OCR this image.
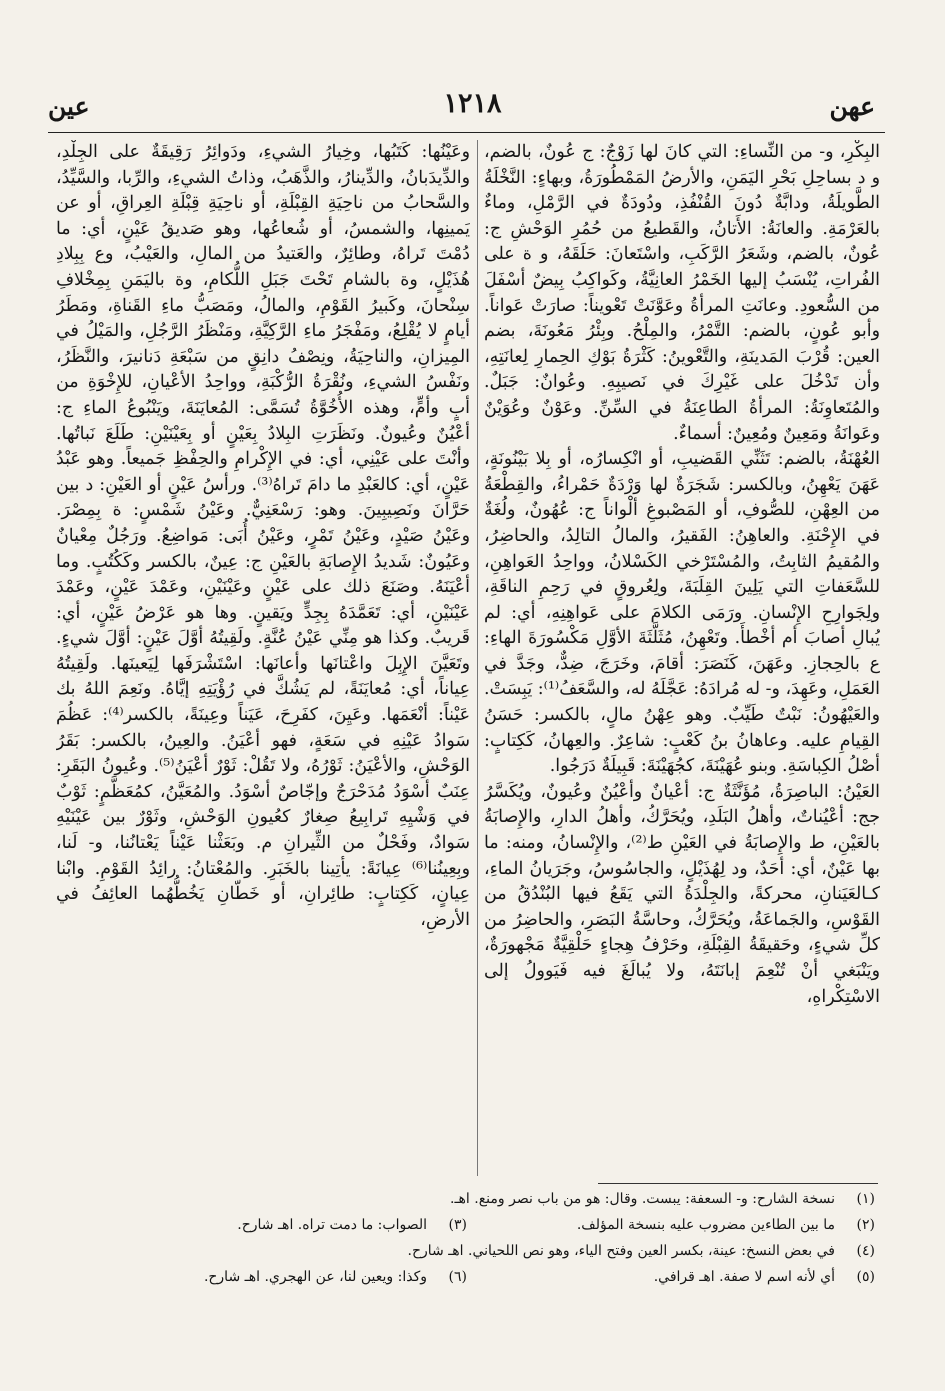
عهن
١٢١٨
عين

البِكْرِ، و- من النِّساءِ: التي كانَ لها زَوْجٌ: ج عُونٌ، بالضم، و د بساحِلِ بَحْرِ اليَمَنِ، والأرضُ المَمْطُورَةُ، وبهاءٍ: النَّخْلَةُ الطَّويلَةُ، ودابَّةٌ دُونَ القُنْفُذِ، ودُودَةٌ في الرَّمْلِ، وماءٌ بالعَرْمَةِ. والعانَةُ: الأَتانُ، والقَطيعُ من حُمُرِ الوَحْشِ ج: عُونٌ، بالضم، وشَعَرُ الرَّكَبِ، واسْتَعانَ: حَلَقَهُ، و ة على الفُراتِ، يُنْسَبُ إليها الخَمْرُ العانِيَّةُ، وكَواكِبُ بِيضٌ أسْفَلَ من السُّعودِ. وعانَتِ المرأةُ وعَوَّنَتْ تَعْويناً: صارَتْ عَواناً. وأبو عُونٍ، بالضم: التَّمْرُ، والمِلْحُ. وبِئْرُ مَعُونَةَ، بضم العين: قُرْبَ المَدينَةِ، والتَّعْوينُ: كَثْرَةُ بَوْكِ الحِمارِ لِعانَتِهِ، وأن تَدْخُلَ على غَيْرِكَ في نَصيبِهِ. وعُوانٌ: جَبَلٌ. والمُتَعاوِنَةُ: المرأةُ الطاعِنَةُ في السِّنِّ. وعَوْنٌ وعُوَيْنٌ وعَوانَةُ ومَعِينٌ ومُعِينٌ: أسماءٌ.

العُهْنَةُ، بالضم: تَثَنِّي القَضيبِ، أو انْكِسارُه، أو بِلا بَيْنُونَةٍ، عَهَنَ يَعْهِنُ، وبالكسر: شَجَرَةٌ لها وَرْدَةٌ حَمْراءُ، والقِطْعَةُ من العِهْنِ، للصُّوفِ، أو المَصْبوغِ ألْواناً ج: عُهُونٌ، ولُغَةٌ في الإِحْنَةِ. والعاهِنُ: الفَقيرُ، والمالُ التالِدُ، والحاضِرُ، والمُقيمُ الثابِتُ، والمُسْتَرْخي الكَسْلانُ، وواحِدُ العَواهِنِ، للسَّعَفاتِ التي يَلِينَ القِلَبَةَ، ولِعُروقٍ في رَحِمِ الناقَةِ، ولِجَوارِحِ الإِنْسانِ. ورَمَى الكلامَ على عَواهِنِهِ، أي: لم يُبالِ أصابَ أم أخْطأَ. وتَعْهِنُ، مُثَلَّثَةَ الأوَّلِ مَكْسُورَةَ الهاءِ: ع بالحِجازِ. وعَهَنَ، كَنَصَرَ: أقامَ، وخَرَجَ، ضِدٌّ، وجَدَّ في العَمَلِ، وعَهِدَ، و- له مُرادَهُ: عَجَّلَهُ له، والسَّعَفُ⁽¹⁾: يَبِسَتْ. والعَيْهُونُ: نَبْتٌ طَيِّبٌ. وهو عِهْنُ مالٍ، بالكسر: حَسَنُ القِيامِ عليه. وعاهانُ بنُ كَعْبٍ: شاعِرٌ. والعِهانُ، كَكِتابٍ: أصْلُ الكِباسَةِ. وبنو عُهَيْنَةَ، كجُهَيْنَةَ: قَبِيلَةٌ دَرَجُوا.

العَيْنُ: الباصِرَةُ، مُؤَنَّثَةٌ ج: أعْيانٌ وأعْيُنٌ وعُيونٌ، ويُكَسَّرُ جج: أعْيُناتٌ، وأهلُ البَلَدِ، ويُحَرَّكُ، وأهلُ الدارِ، والإِصابَةُ بالعَيْنِ، ط والإِصابَةُ في العَيْنِ ط⁽²⁾، والإِنْسانُ، ومنه: ما بها عَيْنٌ، أي: أحَدٌ، ود لِهُذَيْلٍ، والجاسُوسُ، وجَرَيانُ الماءِ، كـالعَيَنانِ، محركةً، والجِلْدَةُ التي يَقَعُ فيها البُنْدُقُ من القَوْسِ، والجَماعَةُ، ويُحَرَّكُ، وحاسَّةُ البَصَرِ، والحاضِرُ من كلِّ شيءٍ، وحَقيقَةُ القِبْلَةِ، وحَرْفُ هِجاءٍ حَلْقِيَّةٌ مَجْهورَةٌ، ويَنْبَغي أنْ تُنْعِمَ إبانَتَهُ، ولا يُبالَغَ فيه فَيَوولُ إلى الاسْتِكْراهِ،

وعَيْنُها: كَتَبُها، وخِيارُ الشيءِ، ودَوائِرُ رَقِيقَةٌ على الجِلْدِ، والدِّيدَبانُ، والدِّينارُ، والذَّهَبُ، وذاتُ الشيءِ، والرِّبا، والسَّيِّدُ، والسَّحابُ من ناحِيَةِ القِبْلَةِ، أو ناحِيَةِ قِبْلَةِ العِراقِ، أو عن يَمينِها، والشمسُ، أو شُعاعُها، وهو صَديقُ عَيْنٍ، أي: ما دُمْتَ تَراهُ، وطائِرٌ، والعَتيدُ من المالِ، والعَيْبُ، وع بِبِلادِ هُذَيْلٍ، وة بالشامِ تَحْتَ جَبَلِ اللُّكامِ، وة باليَمَنِ بِمِخْلافِ سِنْحانَ، وكَبيرُ القَوْمِ، والمالُ، ومَصَبُّ ماءِ القَناةِ، ومَطَرُ أيامٍ لا يُقْلِعُ، ومَفْجَرُ ماءِ الرَّكِيَّةِ، ومَنْظَرُ الرَّجُلِ، والمَيْلُ في المِيزانِ، والناحِيَةُ، ونِصْفُ دانِقٍ من سَبْعَةِ دَنانيرَ، والنَّظَرُ، ونَفْسُ الشيءِ، ونُقْرَةُ الرُّكْبَةِ، وواحِدُ الأعْيانِ، للإِخْوَةِ من أبٍ وأمٍّ، وهذه الأُخُوَّةُ تُسَمَّى: المُعايَنَةَ، ويَنْبُوعُ الماءِ ج: أعْيُنٌ وعُيونٌ. ونَظَرَتِ البِلادُ بِعَيْنٍ أو بِعَيْنَيْنِ: طَلَعَ نَباتُها. وأنْتَ على عَيْنِي، أي: في الإِكْرامِ والحِفْظِ جَميعاً. وهو عَبْدُ عَيْنٍ، أي: كالعَبْدِ ما دامَ تَراهُ⁽³⁾. ورأسُ عَيْنٍ أو العَيْنِ: د بين حَرَّانَ ونَصِيبِينَ. وهو: رَسْعَنِيٌّ. وعَيْنُ شَمْسٍ: ة بِمِصْرَ. وعَيْنُ صَيْدٍ، وعَيْنُ تَمْرٍ، وعَيْنُ أُبَى: مَواضِعُ. ورَجُلٌ مِعْيانٌ وعَيُونٌ: شَديدُ الإِصابَةِ بالعَيْنِ ج: عِينٌ، بالكسر وكَكُتُبٍ. وما أعْيَنَهُ. وصَنَعَ ذلك على عَيْنٍ وعَيْنَيْنِ، وعَمْدَ عَيْنٍ، وعَمْدَ عَيْنَيْنِ، أي: تَعَمَّدَهُ بِجِدٍّ ويَقينٍ. وها هو عَرْضُ عَيْنٍ، أي: قَريبٌ. وكذا هو مِنِّي عَيْنُ عُنَّةٍ. ولَقِيتُهُ أوَّلَ عَيْنٍ: أوَّلَ شيءٍ. وتَعَيَّنَ الإِبِلَ واعْتانَها وأعانَها: اسْتَشْرَفَها لِيَعينَها. ولَقِيتُهُ عِياناً، أي: مُعايَنَةً، لم يَشُكَّ في رُؤْيَتِهِ إيَّاهُ. ونَعِمَ اللهُ بك عَيْناً: أنْعَمَها. وعَيِنَ، كفَرِحَ، عَيَناً وعِينَةً، بالكسر⁽⁴⁾: عَظُمَ سَوادُ عَيْنِهِ في سَعَةٍ، فهو أعْيَنُ. والعِينُ، بالكسر: بَقَرُ الوَحْشِ، والأعْيَنُ: ثَوْرُهُ، ولا تَقُلْ: ثَوْرٌ أعْيَنُ⁽⁵⁾. وعُيونُ البَقَرِ: عِنَبٌ أسْوَدُ مُدَحْرَجٌ وإجّاصٌ أسْوَدُ. والمُعَيَّنُ، كمُعَظَّمٍ: ثَوْبٌ في وَشْيِهِ تَرابِيعُ صِغارٌ كعُيونِ الوَحْشِ، وثَوْرٌ بين عَيْنَيْهِ سَوادٌ، وفَحْلٌ من الثِّيرانِ م. وبَعَثْنا عَيْناً يَعْتانُنا، و- لَنا، وبِعِينُنا⁽⁶⁾ عِيانَةً: يأتِينا بالخَبَرِ. والمُعْتانُ: رائِدُ القَوْمِ. وابْنا عِيانٍ، كَكِتابٍ: طائِرانِ، أو خَطّانِ يَخُطُّهُما العائِفُ في الأرضِ،

(١)نسخة الشارح: و- السعفة: يبست. وقال: هو من باب نصر ومنع. اهـ.
(٢)ما بين الطاءين مضروب عليه بنسخة المؤلف.
(٣)الصواب: ما دمت تراه. اهـ شارح.
(٤)في بعض النسخ: عينة، بكسر العين وفتح الياء، وهو نص اللحياني. اهـ شارح.
(٥)أي لأنه اسم لا صفة. اهـ قرافي.
(٦)وكذا: ويعين لنا، عن الهجري. اهـ شارح.
